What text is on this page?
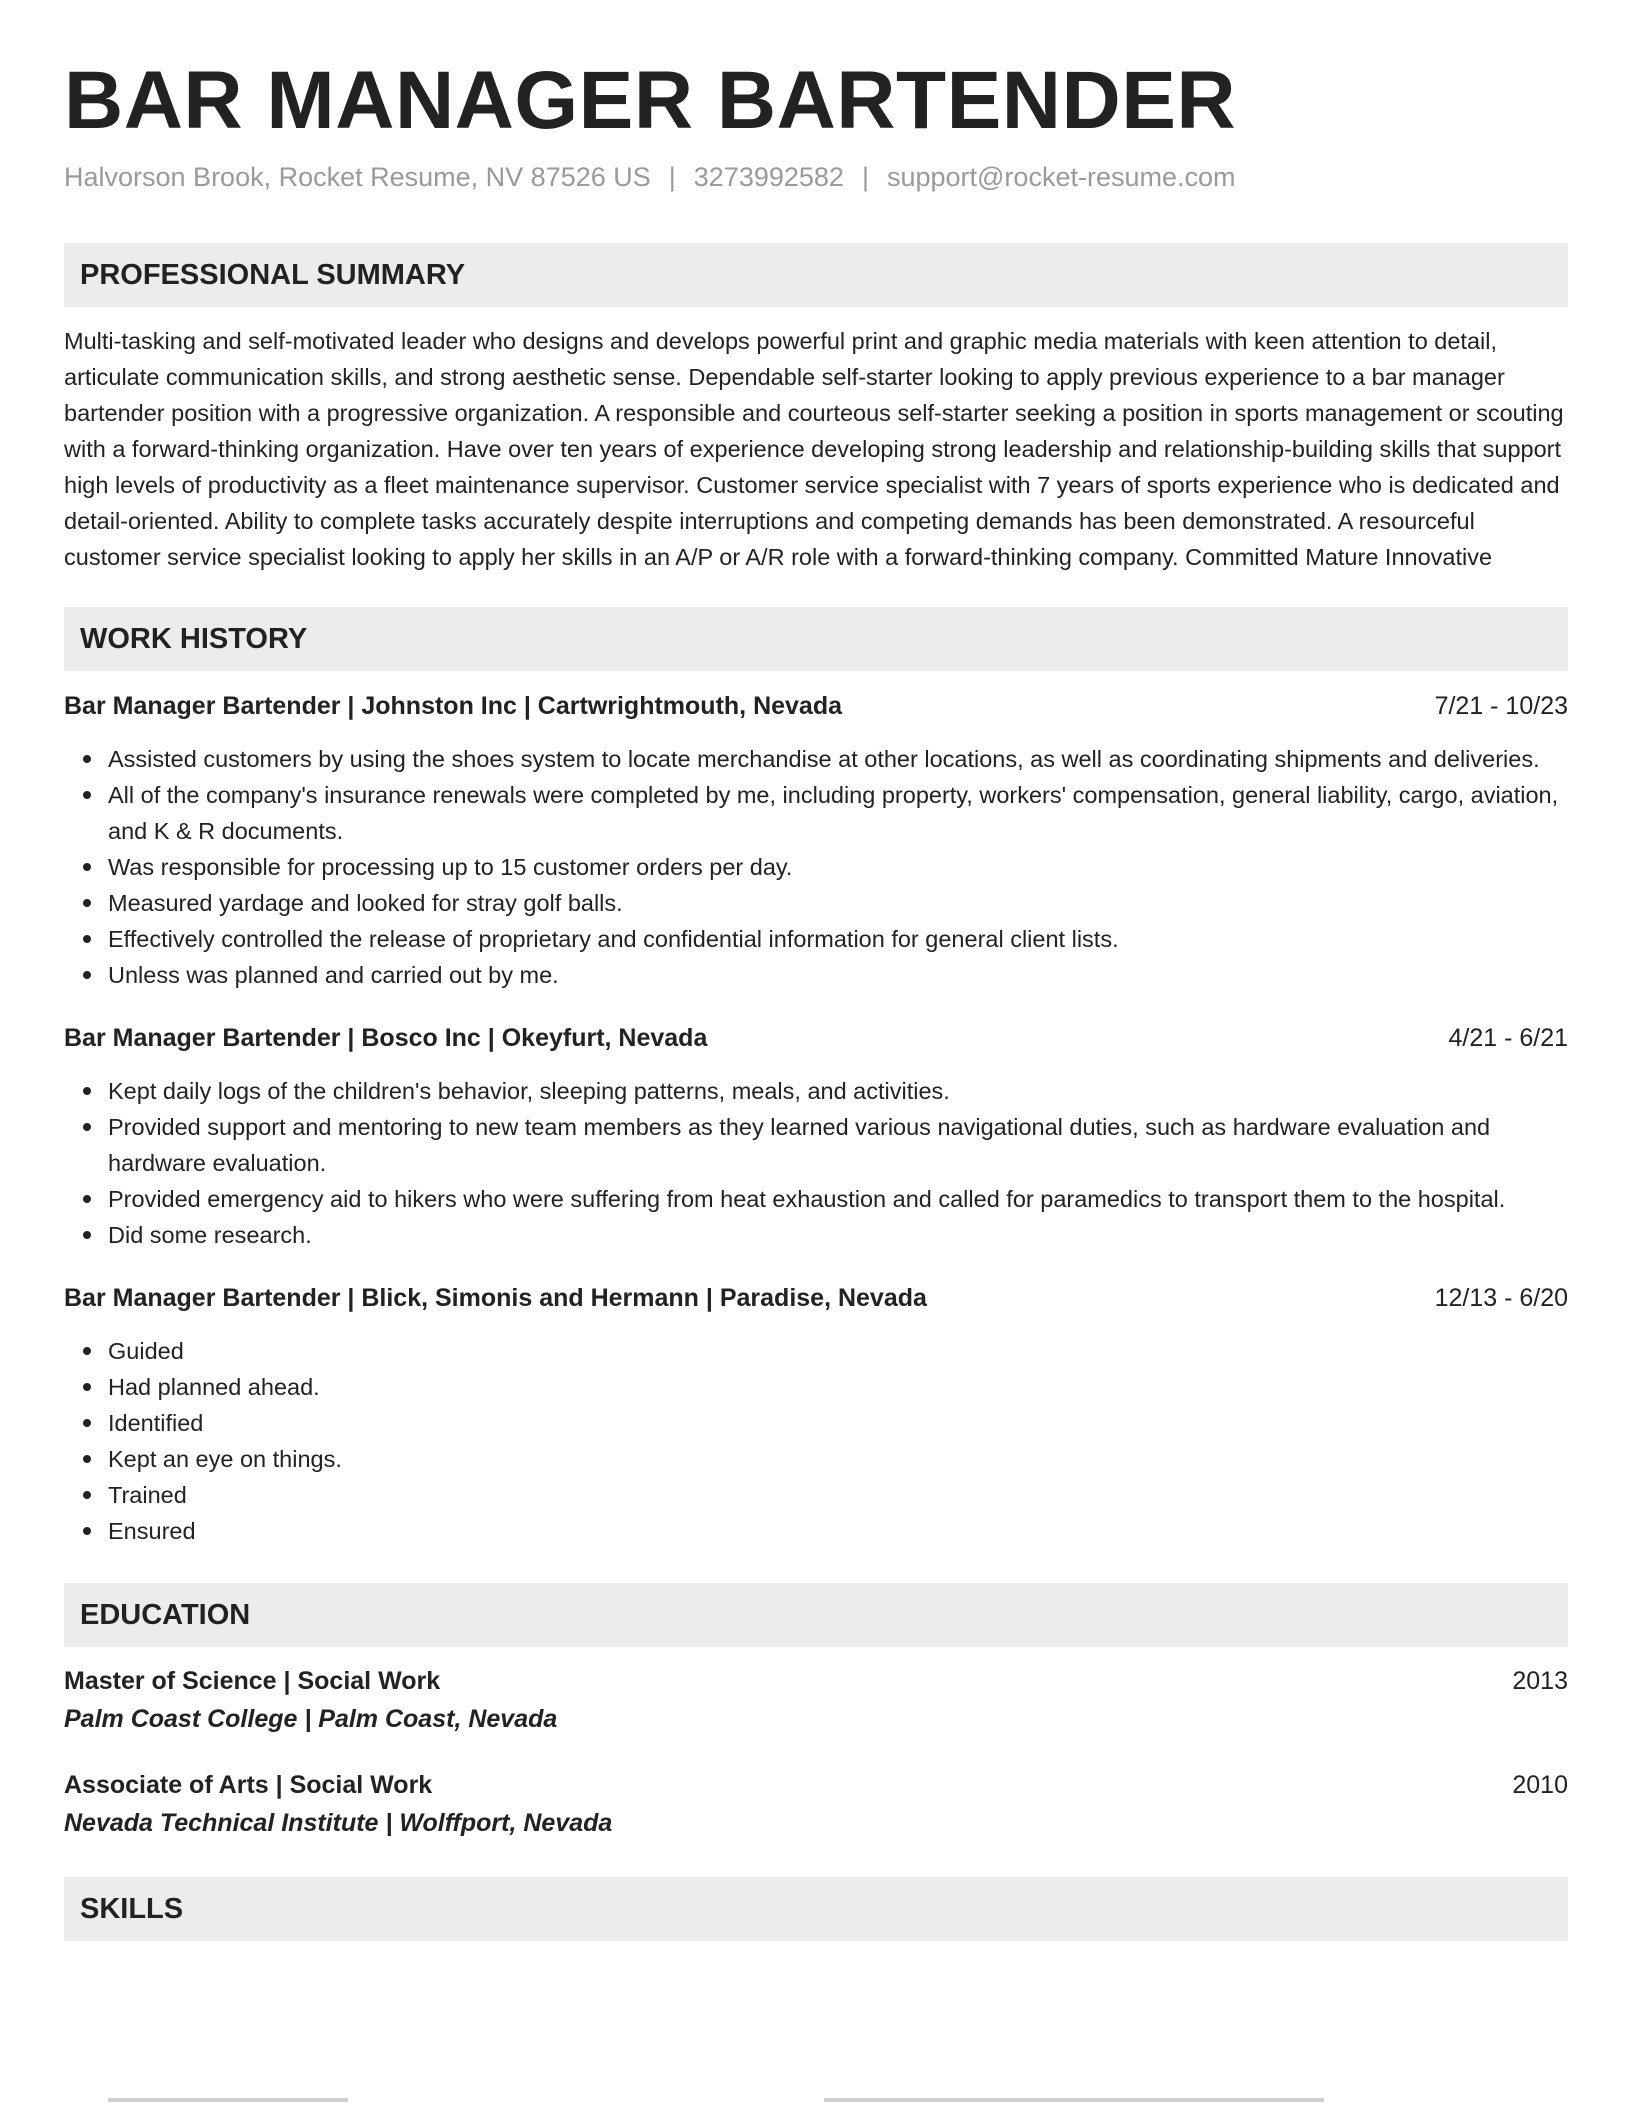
BAR MANAGER BARTENDER
Halvorson Brook, Rocket Resume, NV 87526 US | 3273992582 | support@rocket-resume.com
PROFESSIONAL SUMMARY
Multi-tasking and self-motivated leader who designs and develops powerful print and graphic media materials with keen attention to detail, articulate communication skills, and strong aesthetic sense. Dependable self-starter looking to apply previous experience to a bar manager bartender position with a progressive organization. A responsible and courteous self-starter seeking a position in sports management or scouting with a forward-thinking organization. Have over ten years of experience developing strong leadership and relationship-building skills that support high levels of productivity as a fleet maintenance supervisor. Customer service specialist with 7 years of sports experience who is dedicated and detail-oriented. Ability to complete tasks accurately despite interruptions and competing demands has been demonstrated. A resourceful customer service specialist looking to apply her skills in an A/P or A/R role with a forward-thinking company. Committed Mature Innovative
WORK HISTORY
Bar Manager Bartender | Johnston Inc | Cartwrightmouth, Nevada	7/21 - 10/23
Assisted customers by using the shoes system to locate merchandise at other locations, as well as coordinating shipments and deliveries.
All of the company's insurance renewals were completed by me, including property, workers' compensation, general liability, cargo, aviation, and K & R documents.
Was responsible for processing up to 15 customer orders per day.
Measured yardage and looked for stray golf balls.
Effectively controlled the release of proprietary and confidential information for general client lists.
Unless was planned and carried out by me.
Bar Manager Bartender | Bosco Inc | Okeyfurt, Nevada	4/21 - 6/21
Kept daily logs of the children's behavior, sleeping patterns, meals, and activities.
Provided support and mentoring to new team members as they learned various navigational duties, such as hardware evaluation and hardware evaluation.
Provided emergency aid to hikers who were suffering from heat exhaustion and called for paramedics to transport them to the hospital.
Did some research.
Bar Manager Bartender | Blick, Simonis and Hermann | Paradise, Nevada	12/13 - 6/20
Guided
Had planned ahead.
Identified
Kept an eye on things.
Trained
Ensured
EDUCATION
Master of Science | Social Work	2013
Palm Coast College | Palm Coast, Nevada
Associate of Arts | Social Work	2010
Nevada Technical Institute | Wolffport, Nevada
SKILLS
